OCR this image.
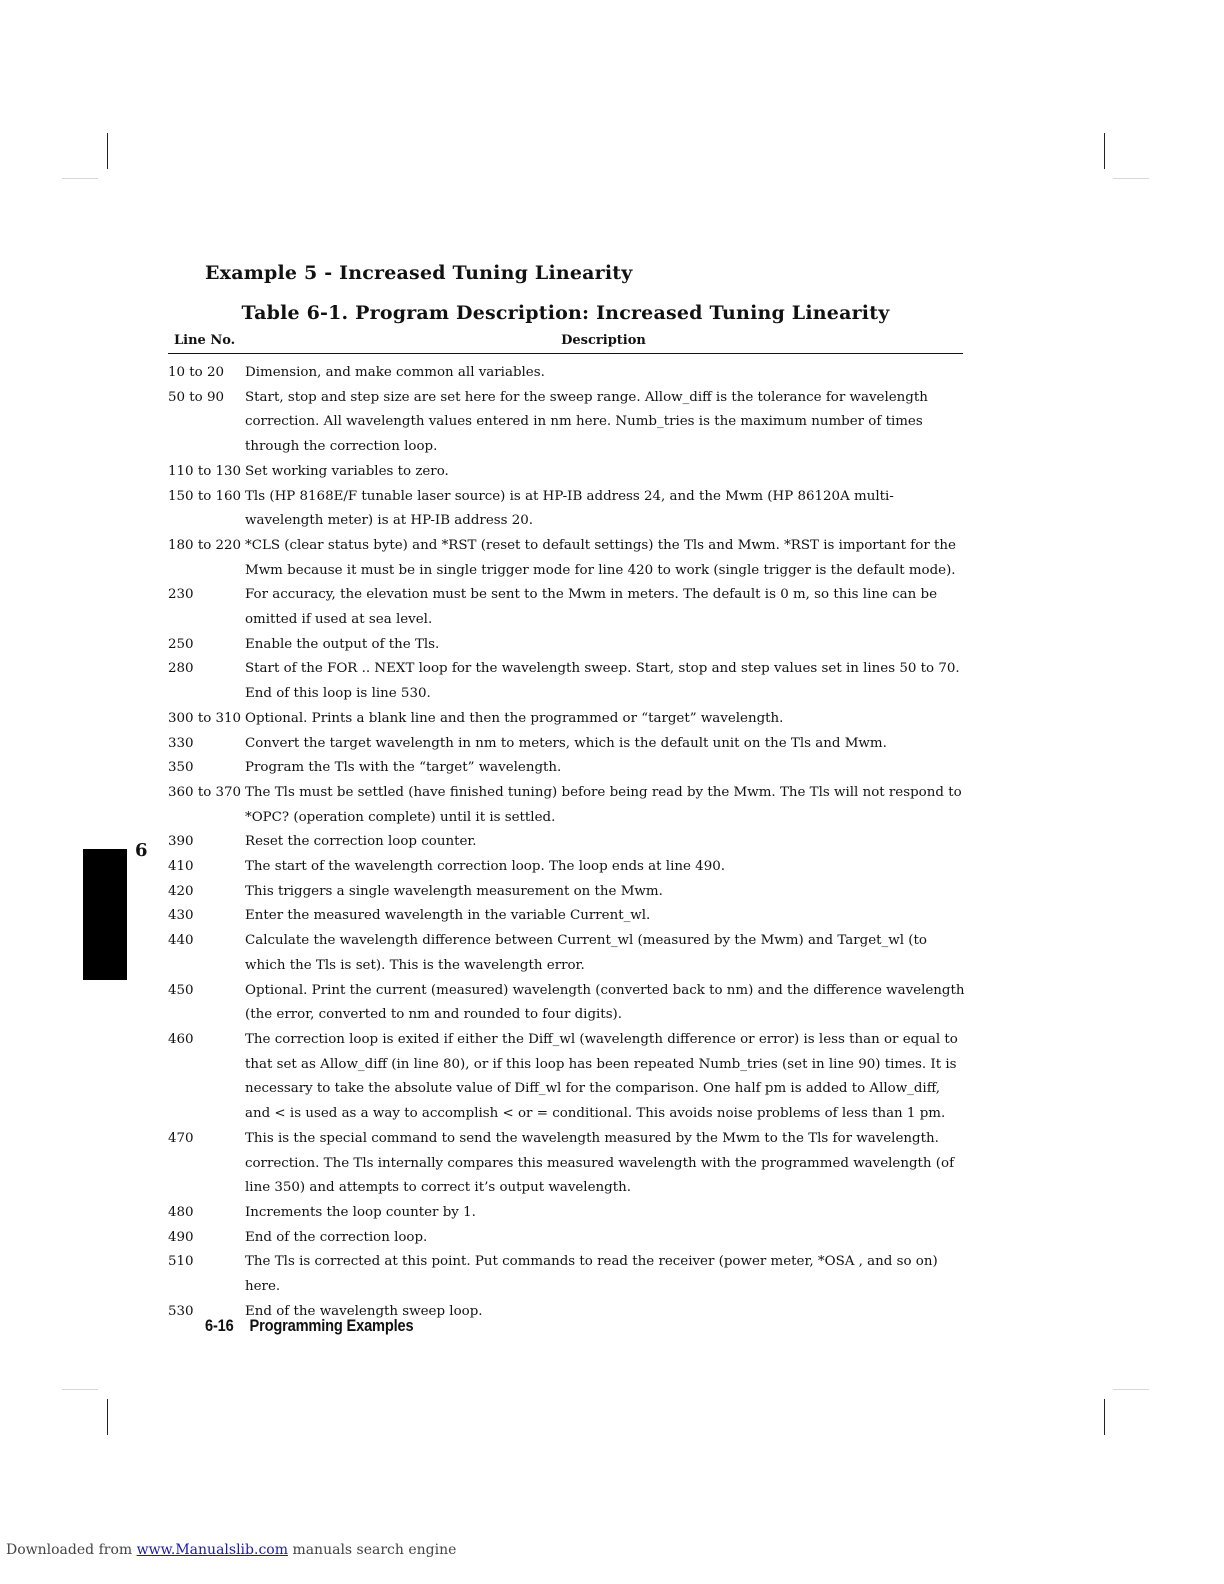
Example 5 - Increased Tuning Linearity
Table 6-1. Program Description: Increased Tuning Linearity
Line No.	Description
10 to 20	Dimension, and make common all variables.
50 to 90	Start, stop and step size are set here for the sweep range. Allow_diff is the tolerance for wavelength correction. All wavelength values entered in nm here. Numb_tries is the maximum number of times through the correction loop.
110 to 130 Set working variables to zero.
150 to 160 Tls (HP 8168E/F tunable laser source) is at HP-IB address 24, and the Mwm (HP 86120A multi-wavelength meter) is at HP-IB address 20.
180 to 220 *CLS (clear status byte) and *RST (reset to default settings) the Tls and Mwm. *RST is important for the Mwm because it must be in single trigger mode for line 420 to work (single trigger is the default mode).
230	For accuracy, the elevation must be sent to the Mwm in meters. The default is 0 m, so this line can be omitted if used at sea level.
250	Enable the output of the Tls.
280	Start of the FOR .. NEXT loop for the wavelength sweep. Start, stop and step values set in lines 50 to 70. End of this loop is line 530.
300 to 310 Optional. Prints a blank line and then the programmed or “target” wavelength.
330	Convert the target wavelength in nm to meters, which is the default unit on the Tls and Mwm.
350	Program the Tls with the “target” wavelength.
360 to 370 The Tls must be settled (have finished tuning) before being read by the Mwm. The Tls will not respond to *OPC? (operation complete) until it is settled.
390	Reset the correction loop counter.
410	The start of the wavelength correction loop. The loop ends at line 490.
420	This triggers a single wavelength measurement on the Mwm.
430	Enter the measured wavelength in the variable Current_wl.
440	Calculate the wavelength difference between Current_wl (measured by the Mwm) and Target_wl (to which the Tls is set). This is the wavelength error.
450	Optional. Print the current (measured) wavelength (converted back to nm) and the difference wavelength (the error, converted to nm and rounded to four digits).
460	The correction loop is exited if either the Diff_wl (wavelength difference or error) is less than or equal to that set as Allow_diff (in line 80), or if this loop has been repeated Numb_tries (set in line 90) times. It is necessary to take the absolute value of Diff_wl for the comparison. One half pm is added to Allow_diff, and < is used as a way to accomplish < or = conditional. This avoids noise problems of less than 1 pm.
470	This is the special command to send the wavelength measured by the Mwm to the Tls for wavelength. correction. The Tls internally compares this measured wavelength with the programmed wavelength (of line 350) and attempts to correct it’s output wavelength.
480	Increments the loop counter by 1.
490	End of the correction loop.
510	The Tls is corrected at this point. Put commands to read the receiver (power meter, *OSA , and so on) here.
530	End of the wavelength sweep loop.
6
6-16 Programming Examples
Downloaded from www.Manualslib.com manuals search engine
